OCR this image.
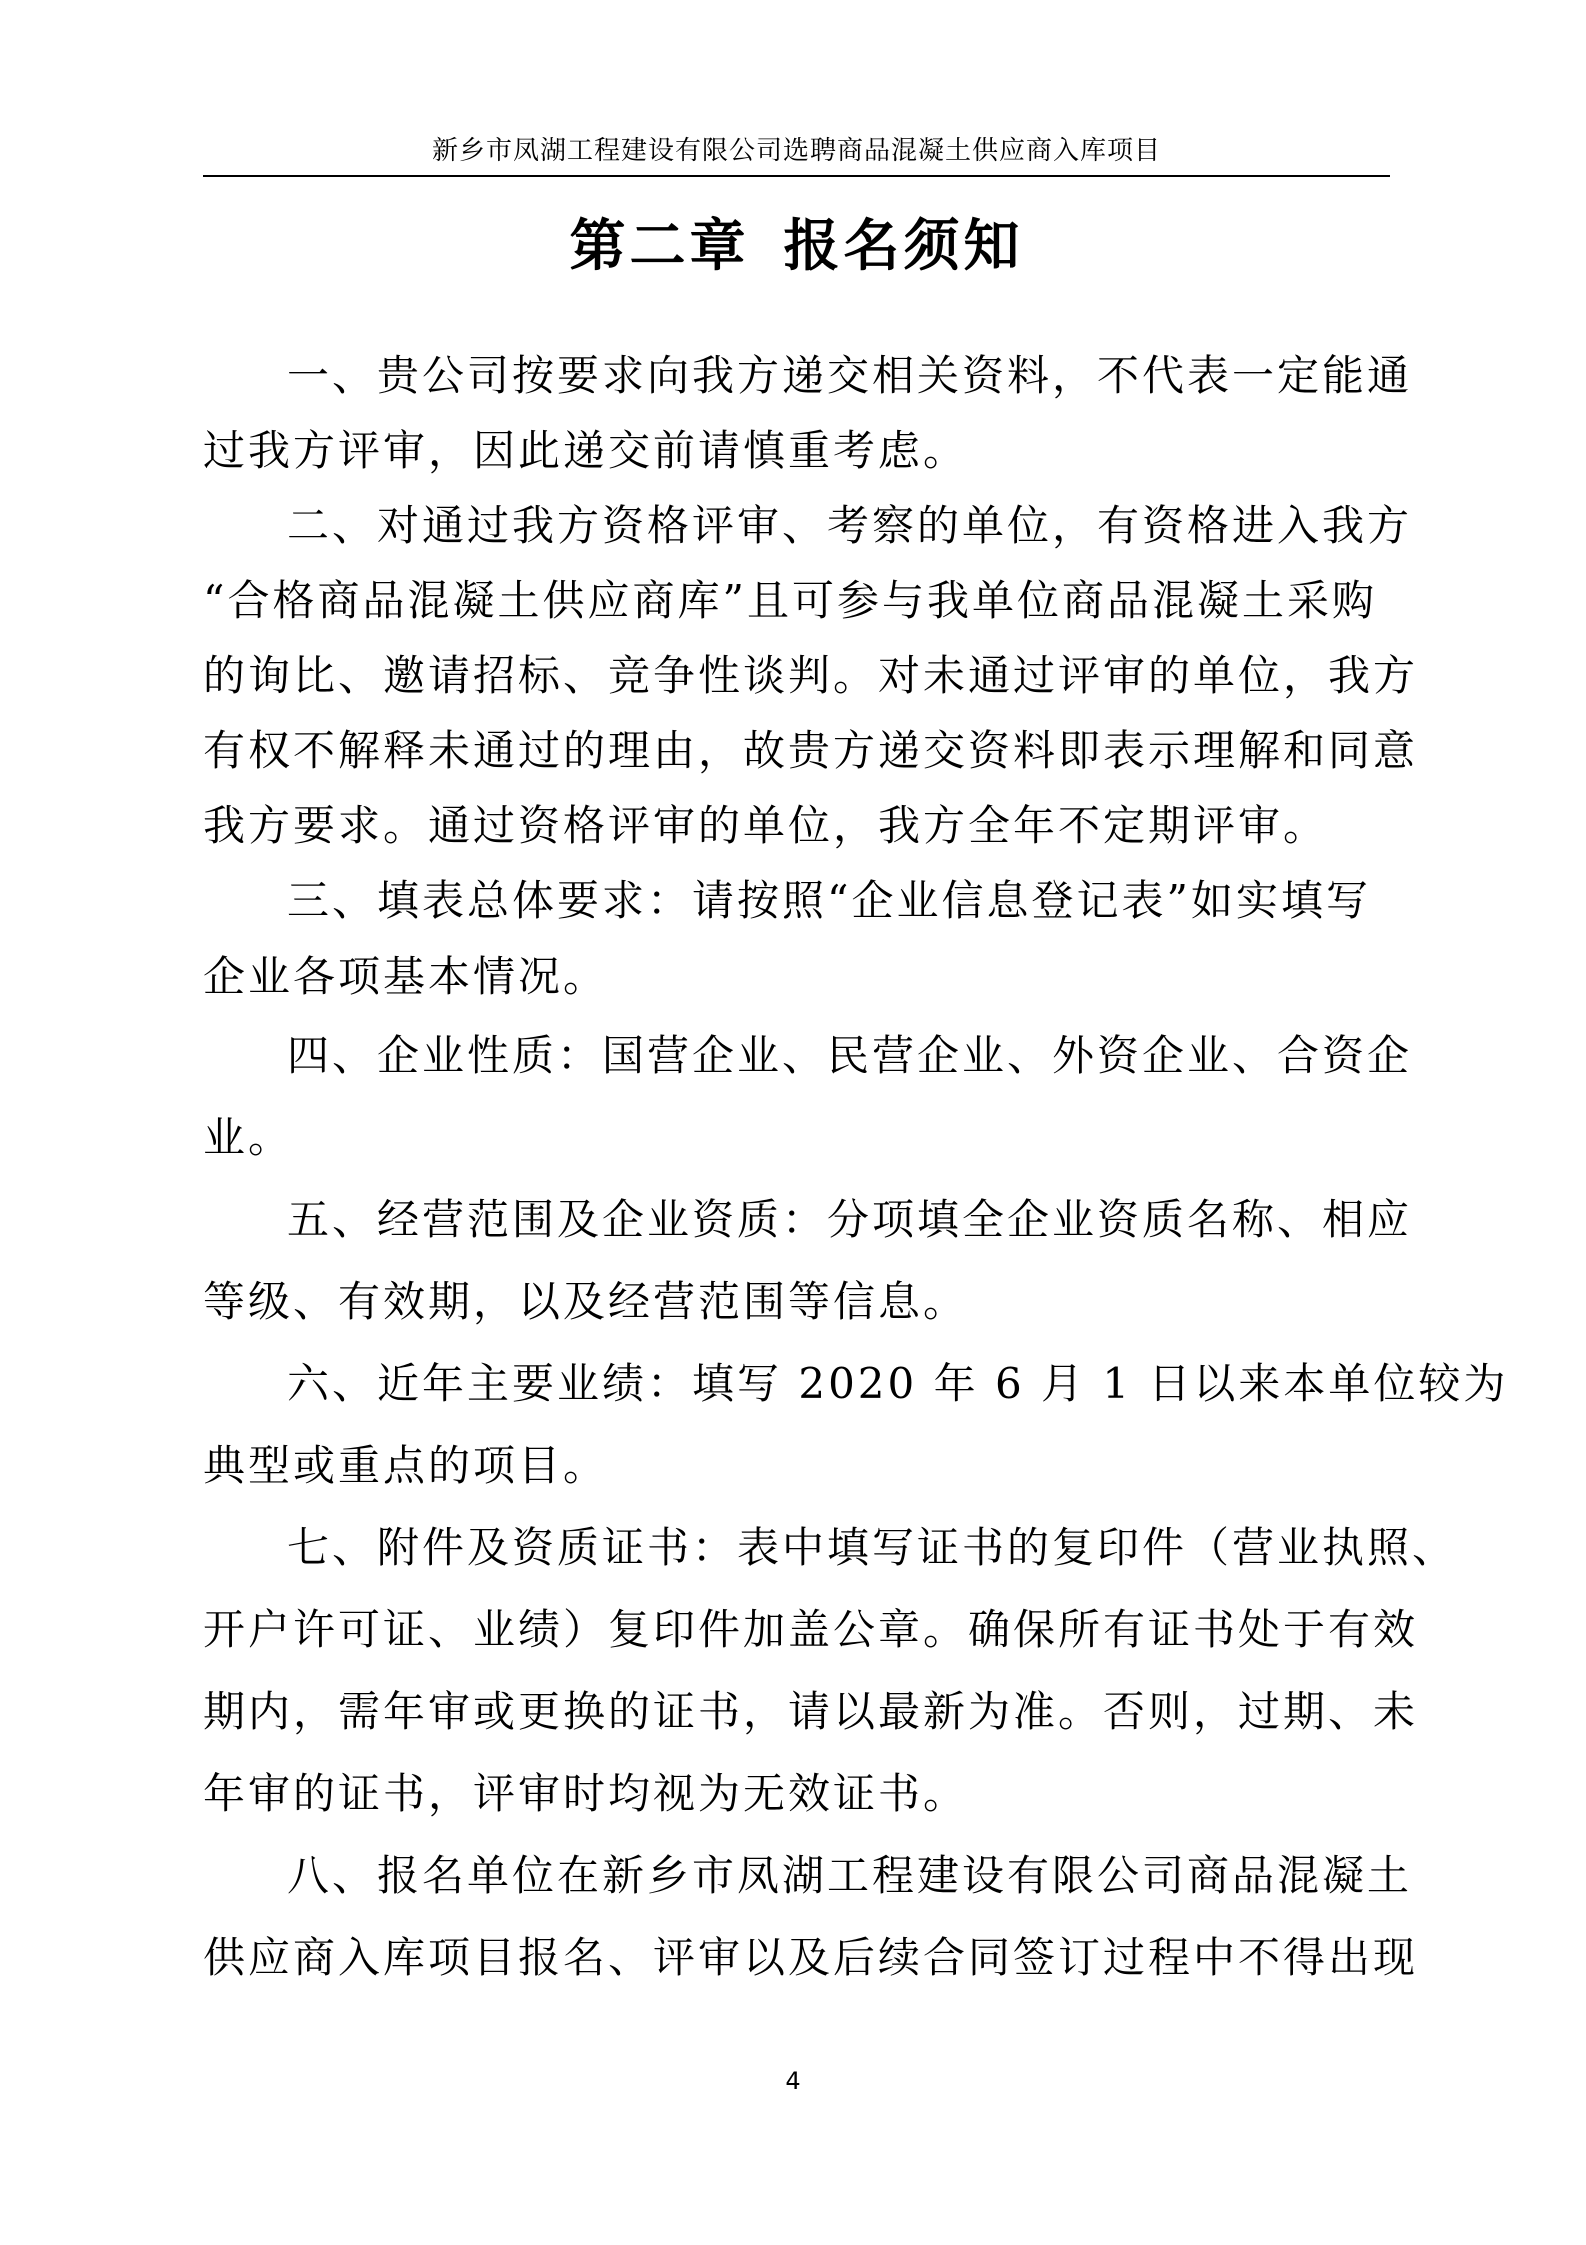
新乡市凤湖工程建设有限公司选聘商品混凝土供应商入库项目
第二章 报名须知
一、贵公司按要求向我方递交相关资料，不代表一定能通
过我方评审，因此递交前请慎重考虑。
二、对通过我方资格评审、考察的单位，有资格进入我方
“合格商品混凝土供应商库”且可参与我单位商品混凝土采购
的询比、邀请招标、竞争性谈判。对未通过评审的单位，我方
有权不解释未通过的理由，故贵方递交资料即表示理解和同意
我方要求。通过资格评审的单位，我方全年不定期评审。
三、填表总体要求：请按照“企业信息登记表”如实填写
企业各项基本情况。
四、企业性质：国营企业、民营企业、外资企业、合资企
业。
五、经营范围及企业资质：分项填全企业资质名称、相应
等级、有效期，以及经营范围等信息。
六、近年主要业绩：填写 2020 年 6 月 1 日以来本单位较为
典型或重点的项目。
七、附件及资质证书：表中填写证书的复印件（营业执照、
开户许可证、业绩）复印件加盖公章。确保所有证书处于有效
期内，需年审或更换的证书，请以最新为准。否则，过期、未
年审的证书，评审时均视为无效证书。
八、报名单位在新乡市凤湖工程建设有限公司商品混凝土
供应商入库项目报名、评审以及后续合同签订过程中不得出现
4
